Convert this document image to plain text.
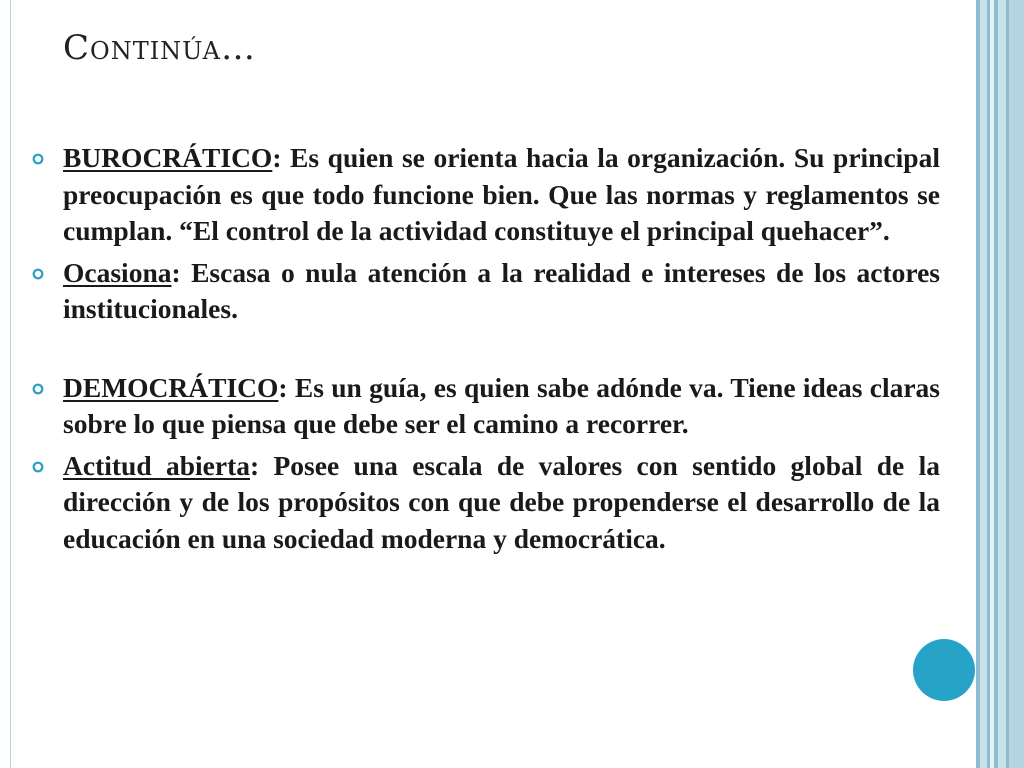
Continúa…
BUROCRÁTICO: Es quien se orienta hacia la organización. Su principal preocupación es que todo funcione bien. Que las normas y reglamentos se cumplan. “El control de la actividad constituye el principal quehacer”.
Ocasiona: Escasa o nula atención a la realidad e intereses de los actores institucionales.
DEMOCRÁTICO: Es un guía, es quien sabe adónde va. Tiene ideas claras sobre lo que piensa que debe ser el camino a recorrer.
Actitud abierta: Posee una escala de valores con sentido global de la dirección y de los propósitos con que debe propenderse el desarrollo de la educación en una sociedad moderna y democrática.
